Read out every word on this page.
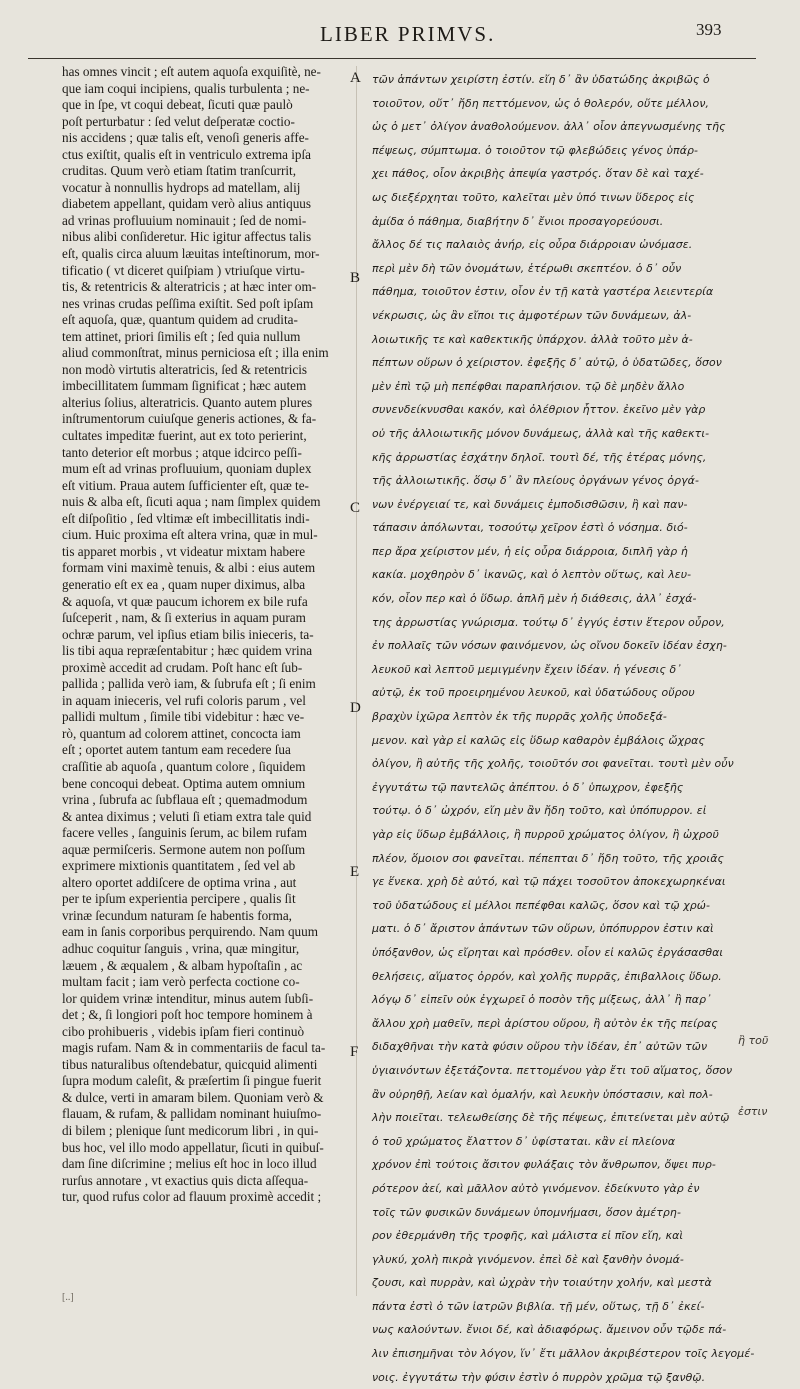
LIBER PRIMVS.	393
has omnes vincit ; eſt autem aquoſa exquiſitè, ne-
que iam coqui incipiens, qualis turbulenta ; ne-
que in ſpe, vt coqui debeat, ſicuti quæ paulò
poſt perturbatur : ſed velut deſperatæ coctio-
nis accidens ; quæ talis eſt, venoſi generis affe-
ctus exiſtit, qualis eſt in ventriculo extrema ipſa
cruditas. Quum verò etiam ſtatim tranſcurrit,
vocatur à nonnullis hydrops ad matellam, alij
diabetem appellant, quidam verò alius antiquus
ad vrinas profluuium nominauit ; ſed de nomi-
nibus alibi conſideretur. Hic igitur affectus talis
eſt, qualis circa aluum læuitas inteſtinorum, mor-
tificatio ( vt diceret quiſpiam ) vtriuſque virtu-
tis, & retentricis & alteratricis ; at hæc inter om-
nes vrinas crudas peſſima exiſtit. Sed poſt ipſam
eſt aquoſa, quæ, quantum quidem ad crudita-
tem attinet, priori ſimilis eſt ; ſed quia nullum
aliud commonſtrat, minus perniciosa eſt ; illa enim
non modò virtutis alteratricis, ſed & retentricis
imbecillitatem ſummam ſignificat ; hæc autem
alterius ſolius, alteratricis. Quanto autem plures
inſtrumentorum cuiuſque generis actiones, & fa-
cultates impeditæ fuerint, aut ex toto perierint,
tanto deterior eſt morbus ; atque idcirco peſſi-
mum eſt ad vrinas profluuium, quoniam duplex
eſt vitium. Praua autem ſufficienter eſt, quæ te-
nuis & alba eſt, ſicuti aqua ; nam ſimplex quidem
eſt diſpoſitio , ſed vltimæ eſt imbecillitatis indi-
cium. Huic proxima eſt altera vrina, quæ in mul-
tis apparet morbis , vt videatur mixtam habere
formam vini maximè tenuis, & albi : eius autem
generatio eſt ex ea , quam nuper diximus, alba
& aquoſa, vt quæ paucum ichorem ex bile rufa
ſuſceperit , nam, & ſi exterius in aquam puram
ochræ parum, vel ipſius etiam bilis inieceris, ta-
lis tibi aqua repræſentabitur ; hæc quidem vrina
proximè accedit ad crudam. Poſt hanc eſt ſub-
pallida ; pallida verò iam, & ſubrufa eſt ; ſi enim
in aquam inieceris, vel rufi coloris parum , vel
pallidi multum , ſimile tibi videbitur : hæc ve-
rò, quantum ad colorem attinet, concocta iam
eſt ; oportet autem tantum eam recedere ſua
craſſitie ab aquoſa , quantum colore , ſiquidem
bene concoqui debeat. Optima autem omnium
vrina , ſubrufa ac ſubflaua eſt ; quemadmodum
& antea diximus ; veluti ſi etiam extra tale quid
facere velles , ſanguinis ſerum, ac bilem rufam
aquæ permiſceris. Sermone autem non poſſum
exprimere mixtionis quantitatem , ſed vel ab
altero oportet addiſcere de optima vrina , aut
per te ipſum experientia percipere , qualis ſit
vrinæ ſecundum naturam ſe habentis forma,
eam in ſanis corporibus perquirendo. Nam quum
adhuc coquitur ſanguis , vrina, quæ mingitur,
læuem , & æqualem , & albam hypoſtaſin , ac
multam facit ; iam verò perfecta coctione co-
lor quidem vrinæ intenditur, minus autem ſubſi-
det ; &, ſi longiori poſt hoc tempore hominem à
cibo prohibueris , videbis ipſam fieri continuò
magis rufam. Nam & in commentariis de facul ta-
tibus naturalibus oſtendebatur, quicquid alimenti
ſupra modum caleſit, & præſertim ſi pingue fuerit
& dulce, verti in amaram bilem. Quoniam verò &
flauam, & rufam, & pallidam nominant huiuſmo-
di bilem ; plenique ſunt medicorum libri , in qui-
bus hoc, vel illo modo appellatur, ſicuti in quibuſ-
dam ſine diſcrimine ; melius eſt hoc in loco illud
rurſus annotare , vt exactius quis dicta aſſequa-
tur, quod rufus color ad flauum proximè accedit ;
τῶν ἁπάντων χειρίστη ἐστίν. εἴη δ᾽ ἂν ὑδατώδης ἀκριβῶς ὁ
τοιοῦτον, οὔτ᾽ ἤδη πεττόμενον, ὡς ὁ θολερόν, οὔτε μέλλον,
ὡς ὁ μετ᾽ ὀλίγον ἀναθολούμενον. ἀλλ᾽ οἷον ἀπεγνωσμένης τῆς
πέψεως, σύμπτωμα. ὁ τοιοῦτον τῷ φλεβώδεις γένος ὑπάρ-
χει πάθος, οἷον ἀκριβὴς ἀπεψία γαστρός. ὅταν δὲ καὶ ταχέ-
ως διεξέρχηται τοῦτο, καλεῖται μὲν ὑπό τινων ὕδερος εἰς
ἀμίδα ὁ πάθημα, διαβήτην δ᾽ ἔνιοι προσαγορεύουσι.
ἄλλος δέ τις παλαιὸς ἀνήρ, εἰς οὖρα διάρροιαν ὠνόμασε.
περὶ μὲν δὴ τῶν ὀνομάτων, ἑτέρωθι σκεπτέον. ὁ δ᾽ οὖν
πάθημα, τοιοῦτον ἐστιν, οἷον ἐν τῇ κατὰ γαστέρα λειεντερία
νέκρωσις, ὡς ἂν εἴποι τις ἀμφοτέρων τῶν δυνάμεων, ἀλ-
λοιωτικῆς τε καὶ καθεκτικῆς ὑπάρχον. ἀλλὰ τοῦτο μὲν ἁ-
πέπτων οὔρων ὁ χείριστον. ἐφεξῆς δ᾽ αὐτῷ, ὁ ὑδατῶδες, ὅσον
μὲν ἐπὶ τῷ μὴ πεπέφθαι παραπλήσιον. τῷ δὲ μηδὲν ἄλλο
συνενδείκνυσθαι κακόν, καὶ ὀλέθριον ἧττον. ἐκεῖνο μὲν γὰρ
οὐ τῆς ἀλλοιωτικῆς μόνον δυνάμεως, ἀλλὰ καὶ τῆς καθεκτι-
κῆς ἀρρωστίας ἐσχάτην δηλοῖ. τουτὶ δέ, τῆς ἑτέρας μόνης,
τῆς ἀλλοιωτικῆς. ὅσῳ δ᾽ ἂν πλείους ὀργάνων γένος ὀργά-
νων ἐνέργειαί τε, καὶ δυνάμεις ἐμποδισθῶσιν, ἢ καὶ παν-
τάπασιν ἀπόλωνται, τοσούτῳ χεῖρον ἐστὶ ὁ νόσημα. διό-
περ ἄρα χείριστον μέν, ἡ εἰς οὖρα διάρροια, διπλῆ γὰρ ἡ
κακία. μοχθηρὸν δ᾽ ἱκανῶς, καὶ ὁ λεπτὸν οὕτως, καὶ λευ-
κόν, οἷον περ καὶ ὁ ὕδωρ. ἁπλῆ μὲν ἡ διάθεσις, ἀλλ᾽ ἐσχά-
της ἀρρωστίας γνώρισμα. τούτῳ δ᾽ ἐγγύς ἐστιν ἕτερον οὖρον,
ἐν πολλαῖς τῶν νόσων φαινόμενον, ὡς οἴνου δοκεῖν ἰδέαν ἐσχη-
λευκοῦ καὶ λεπτοῦ μεμιγμένην ἔχειν ἰδέαν. ἡ γένεσις δ᾽
αὐτῷ, ἐκ τοῦ προειρημένου λευκοῦ, καὶ ὑδατώδους οὔρου
βραχὺν ἰχῶρα λεπτὸν ἐκ τῆς πυρρᾶς χολῆς ὑποδεξά-
μενον. καὶ γὰρ εἰ καλῶς εἰς ὕδωρ καθαρὸν ἐμβάλοις ὤχρας
ὀλίγον, ἢ αὐτῆς τῆς χολῆς, τοιοῦτόν σοι φανεῖται. τουτὶ μὲν οὖν
ἐγγυτάτω τῷ παντελῶς ἀπέπτου. ὁ δ᾽ ὑπωχρον, ἐφεξῆς
τούτῳ. ὁ δ᾽ ὠχρόν, εἴη μὲν ἂν ἤδη τοῦτο, καὶ ὑπόπυρρον. εἰ
γὰρ εἰς ὕδωρ ἐμβάλλοις, ἢ πυρροῦ χρώματος ὀλίγον, ἢ ὠχροῦ
πλέον, ὅμοιον σοι φανεῖται. πέπεπται δ᾽ ἤδη τοῦτο, τῆς χροιᾶς
γε ἕνεκα. χρὴ δὲ αὐτό, καὶ τῷ πάχει τοσοῦτον ἀποκεχωρηκέναι
τοῦ ὑδατώδους εἰ μέλλοι πεπέφθαι καλῶς, ὅσον καὶ τῷ χρώ-
ματι. ὁ δ᾽ ἄριστον ἁπάντων τῶν οὔρων, ὑπόπυρρον ἐστιν καὶ
ὑπόξανθον, ὡς εἴρηται καὶ πρόσθεν. οἷον εἰ καλῶς ἐργάσασθαι
θελήσεις, αἵματος ὀρρόν, καὶ χολῆς πυρρᾶς, ἐπιβαλλοις ὕδωρ.
λόγῳ δ᾽ εἰπεῖν οὐκ ἐγχωρεῖ ὁ ποσὸν τῆς μίξεως, ἀλλ᾽ ἢ παρ᾽
ἄλλου χρὴ μαθεῖν, περὶ ἀρίστου οὔρου, ἢ αὐτὸν ἐκ τῆς πείρας
διδαχθῆναι τὴν κατὰ φύσιν οὔρου τὴν ἰδέαν, ἐπ᾽ αὐτῶν τῶν
ὑγιαινόντων ἐξετάζοντα. πεττομένου γὰρ ἔτι τοῦ αἵματος, ὅσον
ἂν οὐρηθῇ, λείαν καὶ ὁμαλήν, καὶ λευκὴν ὑπόστασιν, καὶ πολ-
λὴν ποιεῖται. τελεωθείσης δὲ τῆς πέψεως, ἐπιτείνεται μὲν αὐτῷ
ὁ τοῦ χρώματος ἔλαττον δ᾽ ὑφίσταται. κἂν εἰ πλείονα
χρόνον ἐπὶ τούτοις ἄσιτον φυλάξαις τὸν ἄνθρωπον, ὄψει πυρ-
ρότερον ἀεί, καὶ μᾶλλον αὐτὸ γινόμενον. ἐδείκνυτο γὰρ ἐν
τοῖς τῶν φυσικῶν δυνάμεων ὑπομνήμασι, ὅσον ἀμέτρη-
ρον ἐθερμάνθη τῆς τροφῆς, καὶ μάλιστα εἰ πῖον εἴη, καὶ
γλυκύ, χολὴ πικρὰ γινόμενον. ἐπεὶ δὲ καὶ ξανθὴν ὀνομά-
ζουσι, καὶ πυρρὰν, καὶ ὠχρὰν τὴν τοιαύτην χολήν, καὶ μεστὰ
πάντα ἐστὶ ὁ τῶν ἰατρῶν βιβλία. τῇ μέν, οὕτως, τῇ δ᾽ ἐκεί-
νως καλούντων. ἔνιοι δέ, καὶ ἀδιαφόρως. ἄμεινον οὖν τῷδε πά-
λιν ἐπισημῆναι τὸν λόγον, ἵν᾽ ἔτι μᾶλλον ἀκριβέστερον τοῖς λεγομέ-
νοις. ἐγγυτάτω τὴν φύσιν ἐστὶν ὁ πυρρὸν χρῶμα τῷ ξανθῷ.
A
B
C
D
E
F
ἢ τοῦ
ἐστιν
[..]
